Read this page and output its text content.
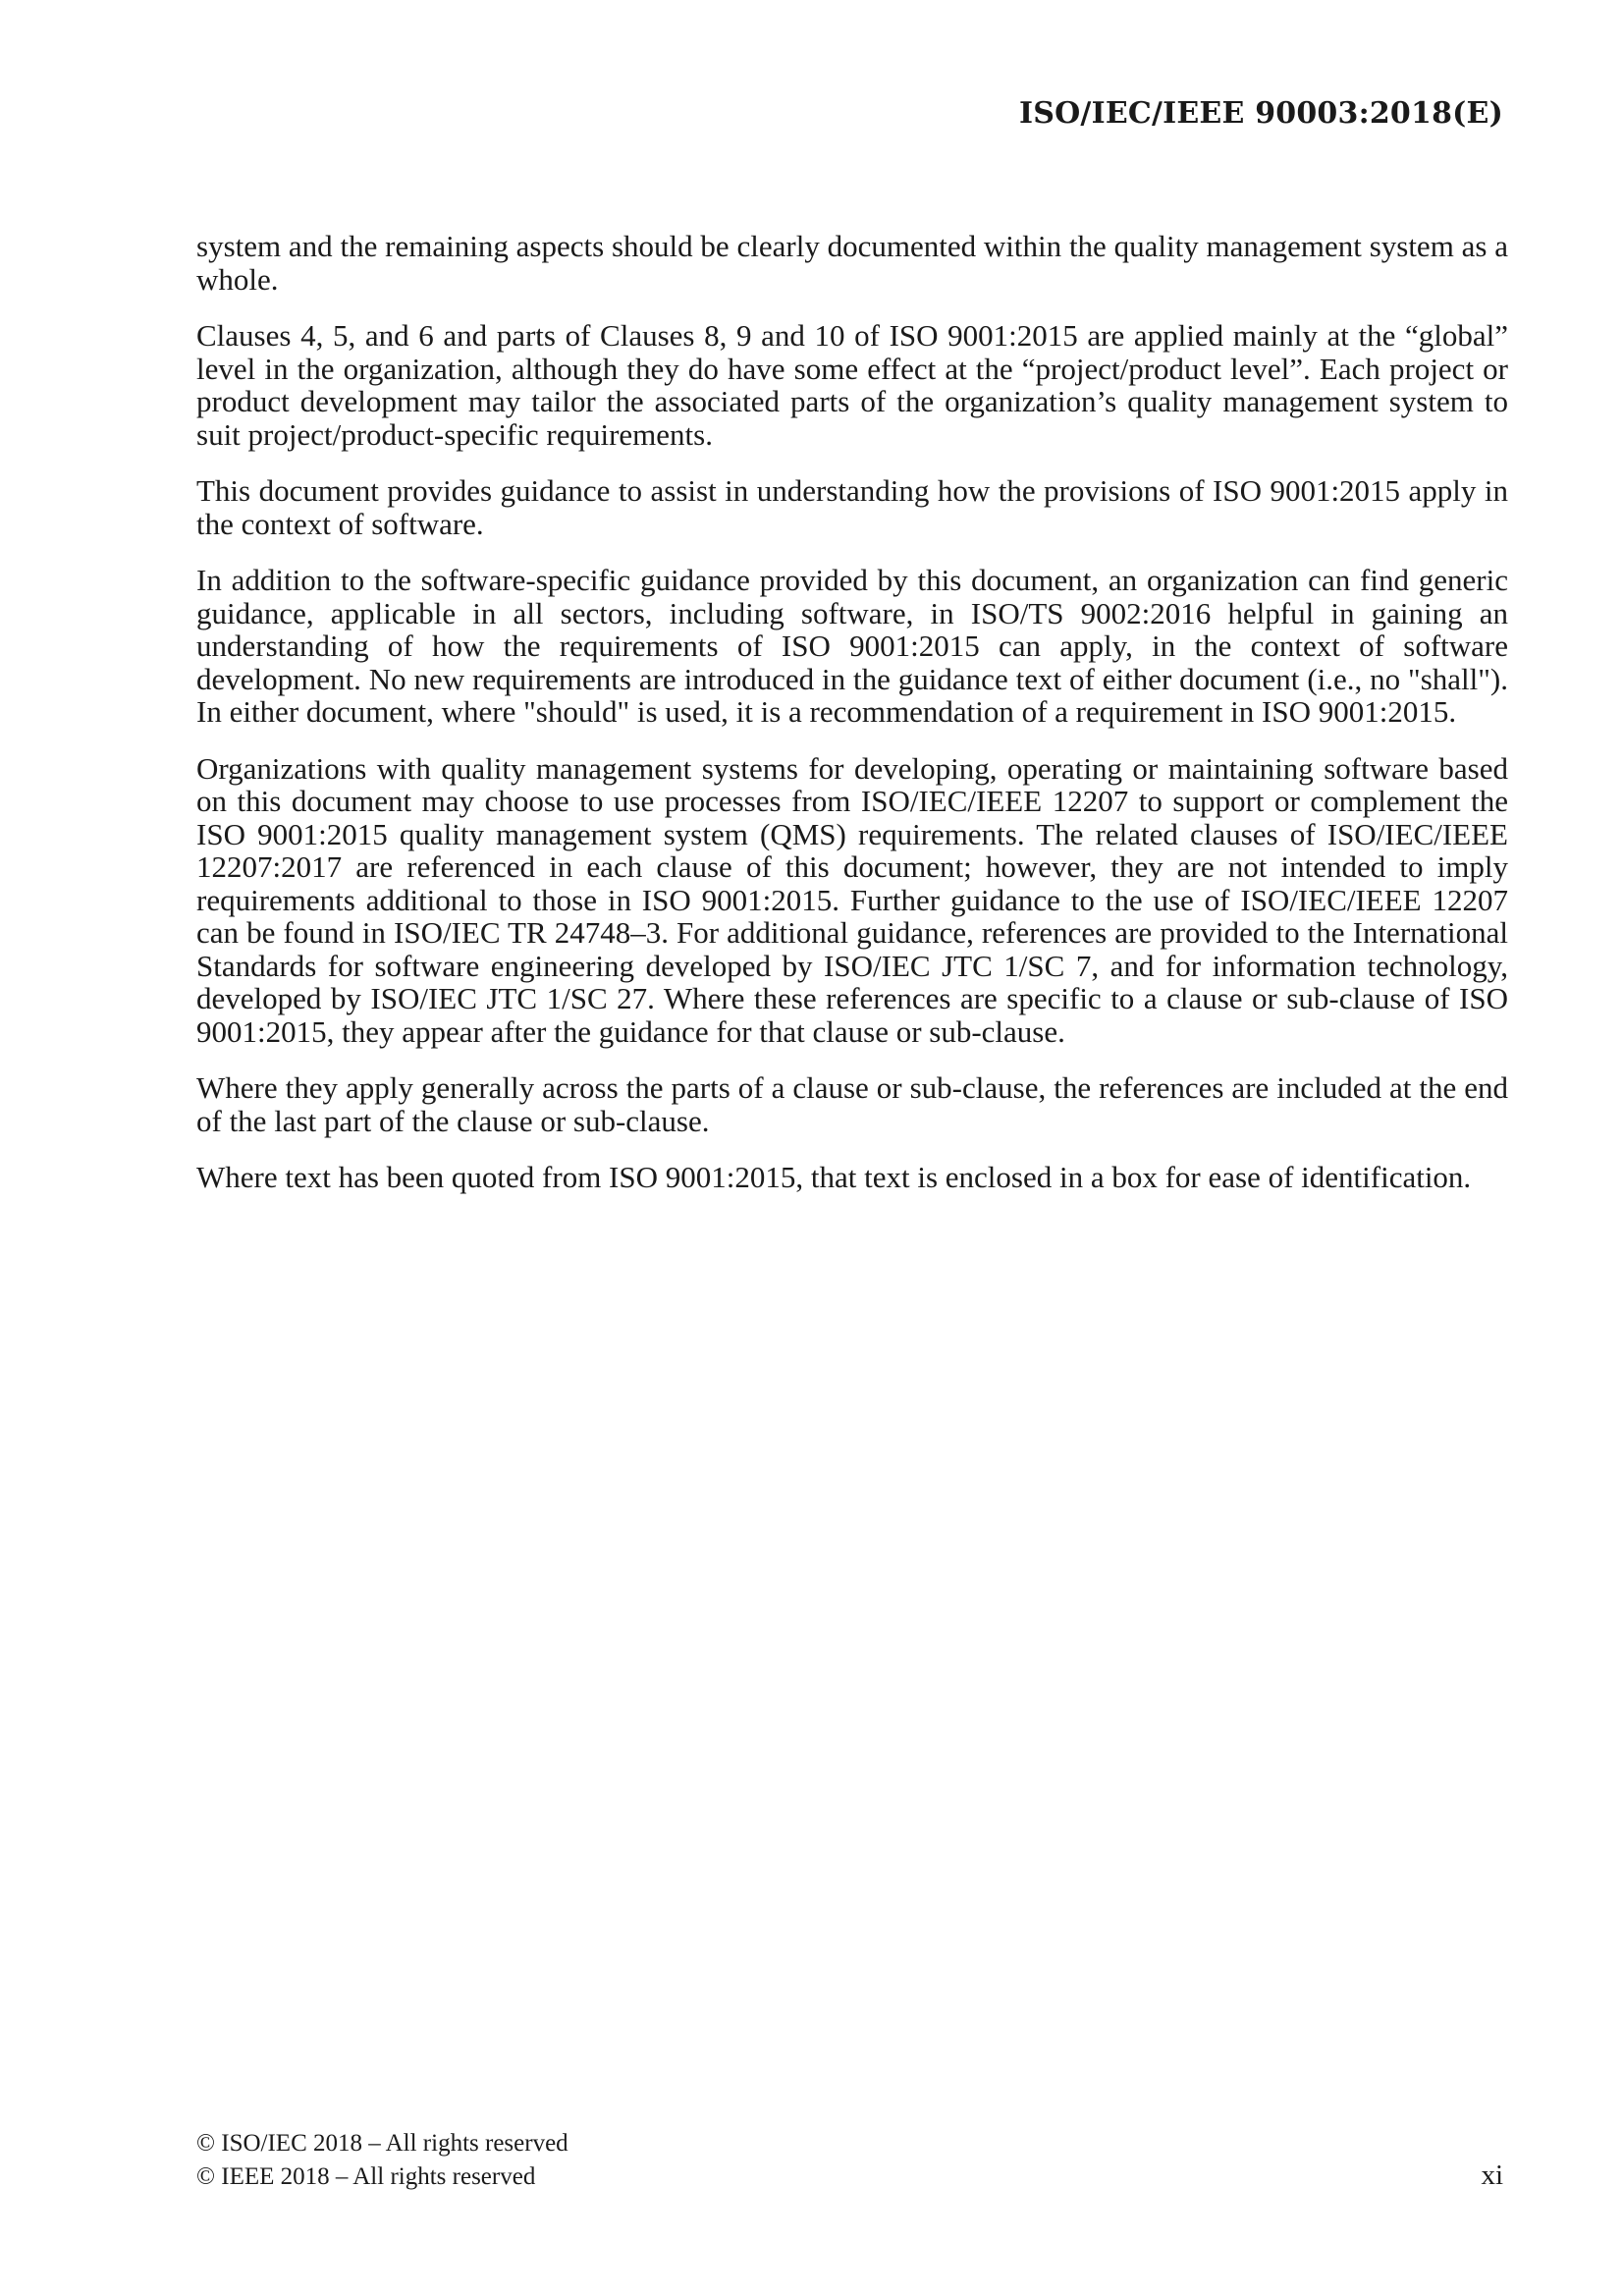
ISO/IEC/IEEE 90003:2018(E)

system and the remaining aspects should be clearly documented within the quality management system as a whole.

Clauses 4, 5, and 6 and parts of Clauses 8, 9 and 10 of ISO 9001:2015 are applied mainly at the “global” level in the organization, although they do have some effect at the “project/product level”. Each project or product development may tailor the associated parts of the organization’s quality management system to suit project/product-specific requirements.

This document provides guidance to assist in understanding how the provisions of ISO 9001:2015 apply in the context of software.

In addition to the software-specific guidance provided by this document, an organization can find generic guidance, applicable in all sectors, including software, in ISO/TS 9002:2016 helpful in gaining an understanding of how the requirements of ISO 9001:2015 can apply, in the context of software development. No new requirements are introduced in the guidance text of either document (i.e., no "shall"). In either document, where "should" is used, it is a recommendation of a requirement in ISO 9001:2015.

Organizations with quality management systems for developing, operating or maintaining software based on this document may choose to use processes from ISO/IEC/IEEE 12207 to support or complement the ISO 9001:2015 quality management system (QMS) requirements. The related clauses of ISO/IEC/IEEE 12207:2017 are referenced in each clause of this document; however, they are not intended to imply requirements additional to those in ISO 9001:2015. Further guidance to the use of ISO/IEC/IEEE 12207 can be found in ISO/IEC TR 24748–3. For additional guidance, references are provided to the International Standards for software engineering developed by ISO/IEC JTC 1/SC 7, and for information technology, developed by ISO/IEC JTC 1/SC 27. Where these references are specific to a clause or sub-clause of ISO 9001:2015, they appear after the guidance for that clause or sub-clause.

Where they apply generally across the parts of a clause or sub-clause, the references are included at the end of the last part of the clause or sub-clause.

Where text has been quoted from ISO 9001:2015, that text is enclosed in a box for ease of identification.

© ISO/IEC 2018 – All rights reserved
© IEEE 2018 – All rights reserved	xi
